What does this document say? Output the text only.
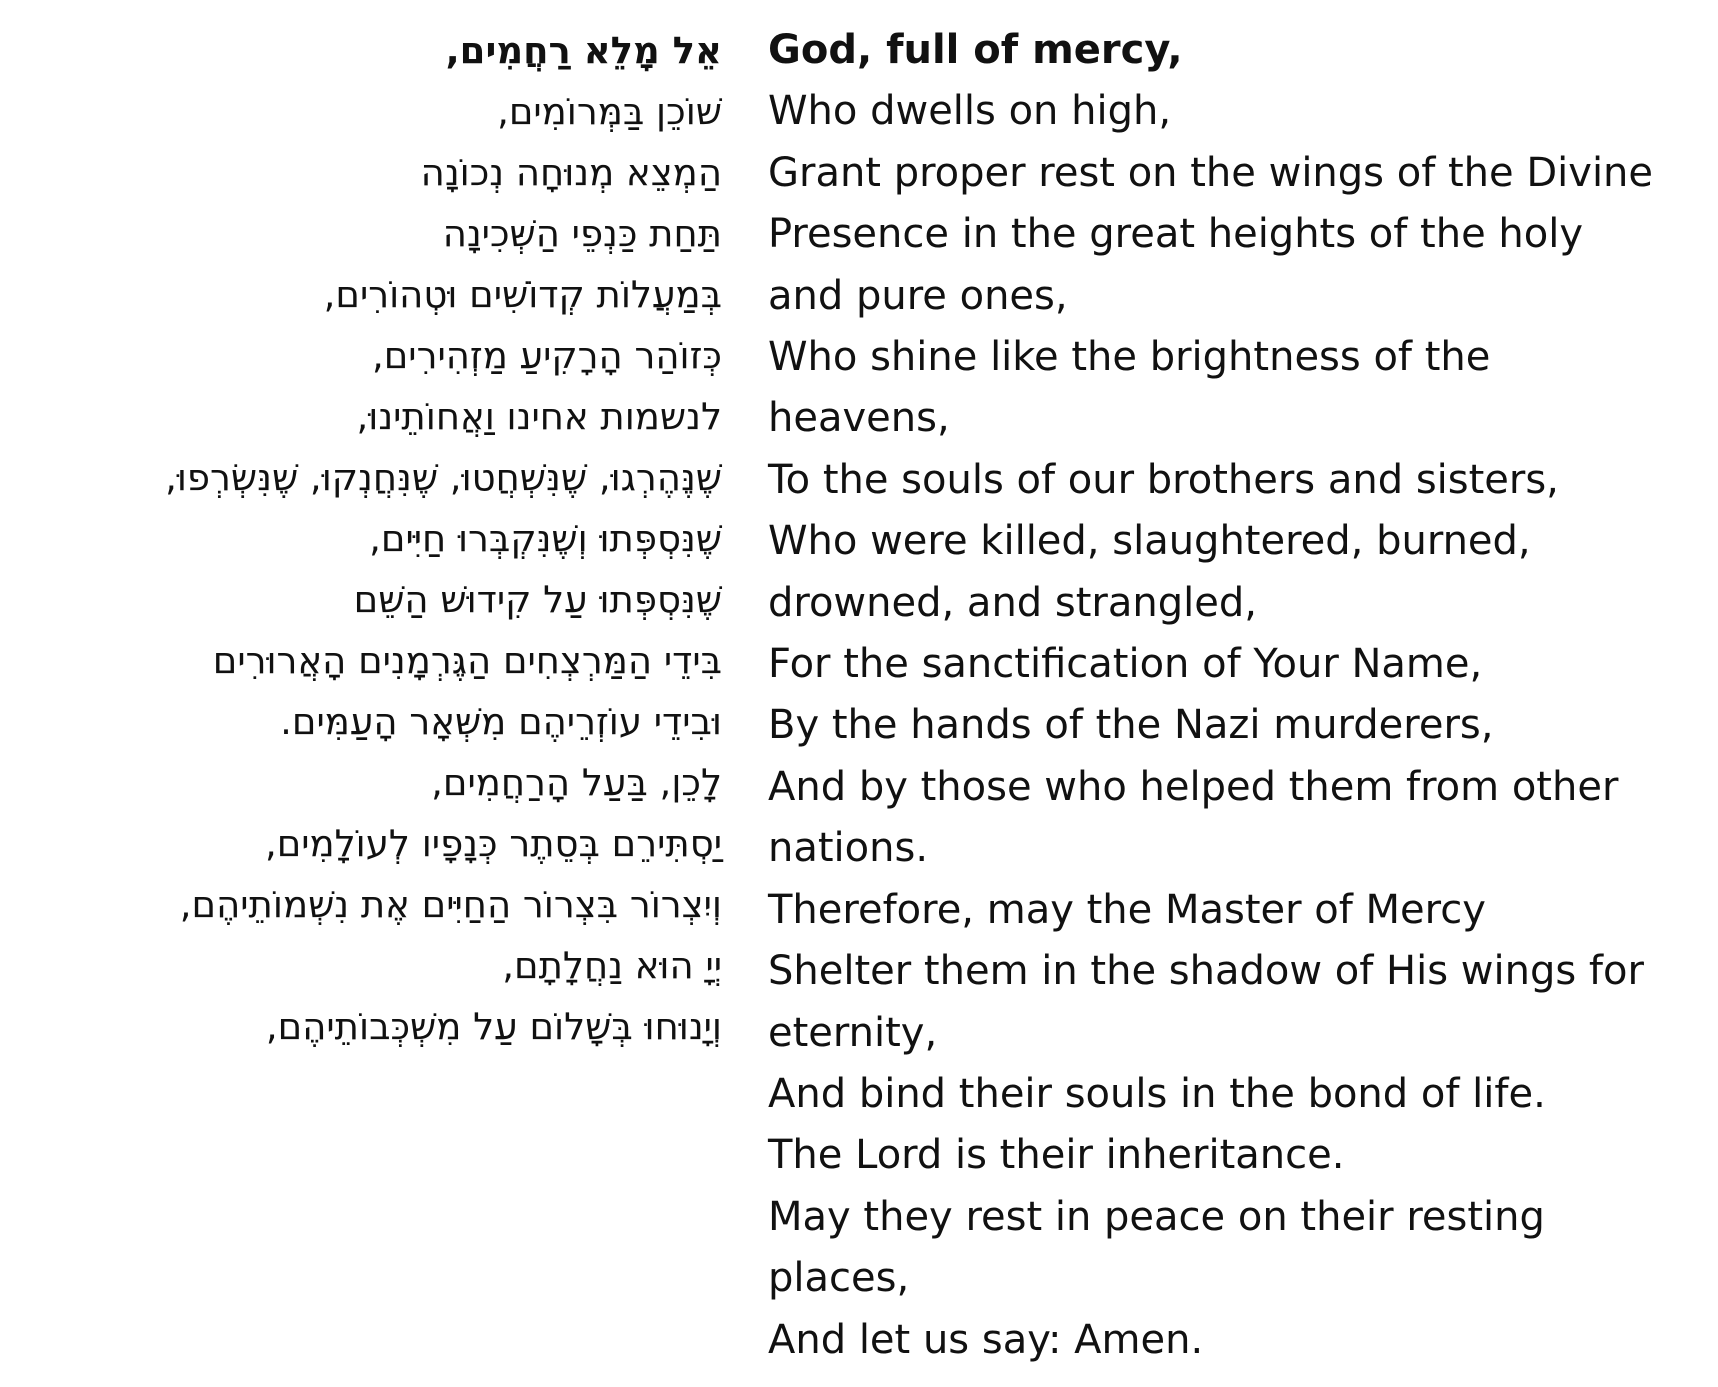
אֵל מָלֵא רַחֲמִים,
שׁוֹכֵן בַּמְּרוֹמִים,
הַמְצֵא מְנוּחָה נְכוֹנָה
תַּחַת כַּנְפֵי הַשְּׁכִינָה
בְּמַעֲלוֹת קְדוֹשִׁים וּטְהוֹרִים,
כְּזוֹהַר הָרָקִיעַ מַזְהִירִים,
לנשמות אחינו וַאֲחוֹתֵינוּ,
שֶׁנֶּהֶרְגוּ, שֶׁנִּשְׁחֲטוּ, שֶׁנִּחֲנְקוּ, שֶׁנִּשְׂרְפוּ,
שֶׁנִּסְפְּתוּ וְשֶׁנִּקְבְּרוּ חַיִּים,
שֶׁנִּסְפְּתוּ עַל קִידוּשׁ הַשֵּׁם
בִּידֵי הַמַּרְצְחִים הַגֶּרְמָנִים הָאֲרוּרִים
וּבִידֵי עוֹזְרֵיהֶם מִשְּׁאָר הָעַמִּים.
לָכֵן, בַּעַל הָרַחֲמִים,
יַסְתִּירֵם בְּסֵתֶר כְּנָפָיו לְעוֹלָמִים,
וְיִצְרוֹר בִּצְרוֹר הַחַיִּים אֶת נִשְׁמוֹתֵיהֶם,
יְיָ הוּא נַחֲלָתָם,
וְיָנוּחוּ בְּשָׁלוֹם עַל מִשְׁכְּבוֹתֵיהֶם,
God, full of mercy,
Who dwells on high,
Grant proper rest on the wings of the Divine
Presence in the great heights of the holy
and pure ones,
Who shine like the brightness of the
heavens,
To the souls of our brothers and sisters,
Who were killed, slaughtered, burned,
drowned, and strangled,
For the sanctification of Your Name,
By the hands of the Nazi murderers,
And by those who helped them from other
nations.
Therefore, may the Master of Mercy
Shelter them in the shadow of His wings for
eternity,
And bind their souls in the bond of life.
The Lord is their inheritance.
May they rest in peace on their resting
places,
And let us say: Amen.
